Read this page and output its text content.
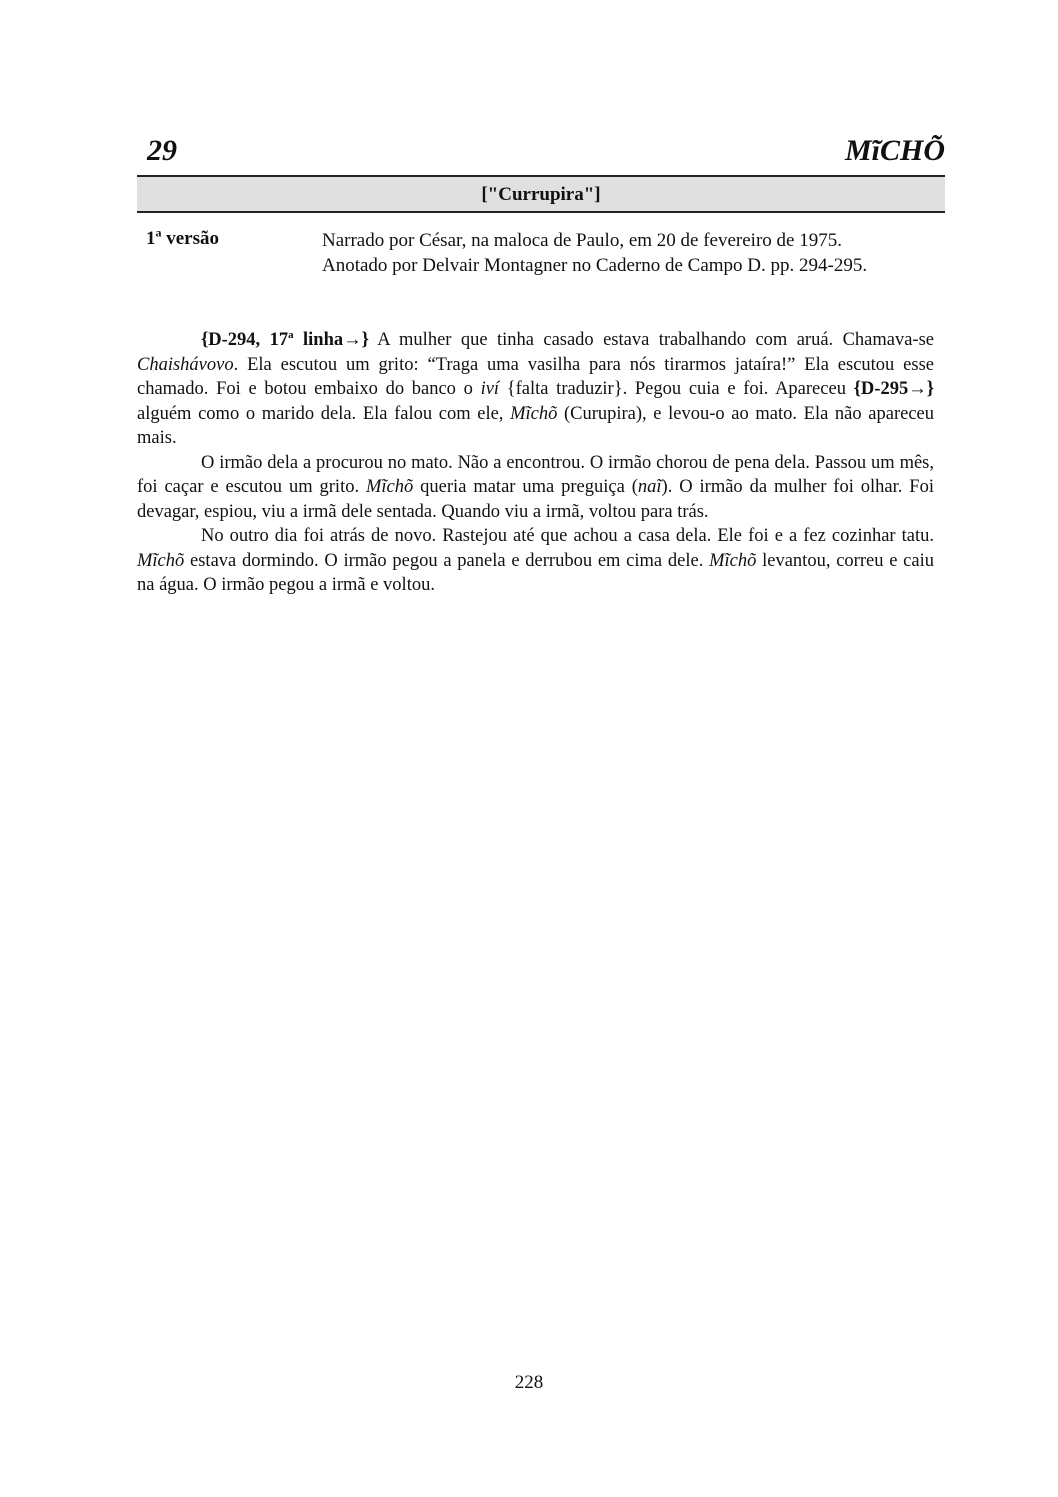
29	MĩCHÕ
["Currupira"]
1$^a$ versão	Narrado por César, na maloca de Paulo, em 20 de fevereiro de 1975.
Anotado por Delvair Montagner no Caderno de Campo D. pp. 294-295.

{D-294, 17$^a$ linha→} A mulher que tinha casado estava trabalhando com aruá. Chamava-se Chaishávovo. Ela escutou um grito: “Traga uma vasilha para nós tirarmos jataíra!” Ela escutou esse chamado. Foi e botou embaixo do banco o iví {falta traduzir}. Pegou cuia e foi. Apareceu {D-295→} alguém como o marido dela. Ela falou com ele, Mĩchõ (Curupira), e levou-o ao mato. Ela não apareceu mais.

O irmão dela a procurou no mato. Não a encontrou. O irmão chorou de pena dela. Passou um mês, foi caçar e escutou um grito. Mĩchõ queria matar uma preguiça (naĩ). O irmão da mulher foi olhar. Foi devagar, espiou, viu a irmã dele sentada. Quando viu a irmã, voltou para trás.

No outro dia foi atrás de novo. Rastejou até que achou a casa dela. Ele foi e a fez cozinhar tatu. Mĩchõ estava dormindo. O irmão pegou a panela e derrubou em cima dele. Mĩchõ levantou, correu e caiu na água. O irmão pegou a irmã e voltou.

228
